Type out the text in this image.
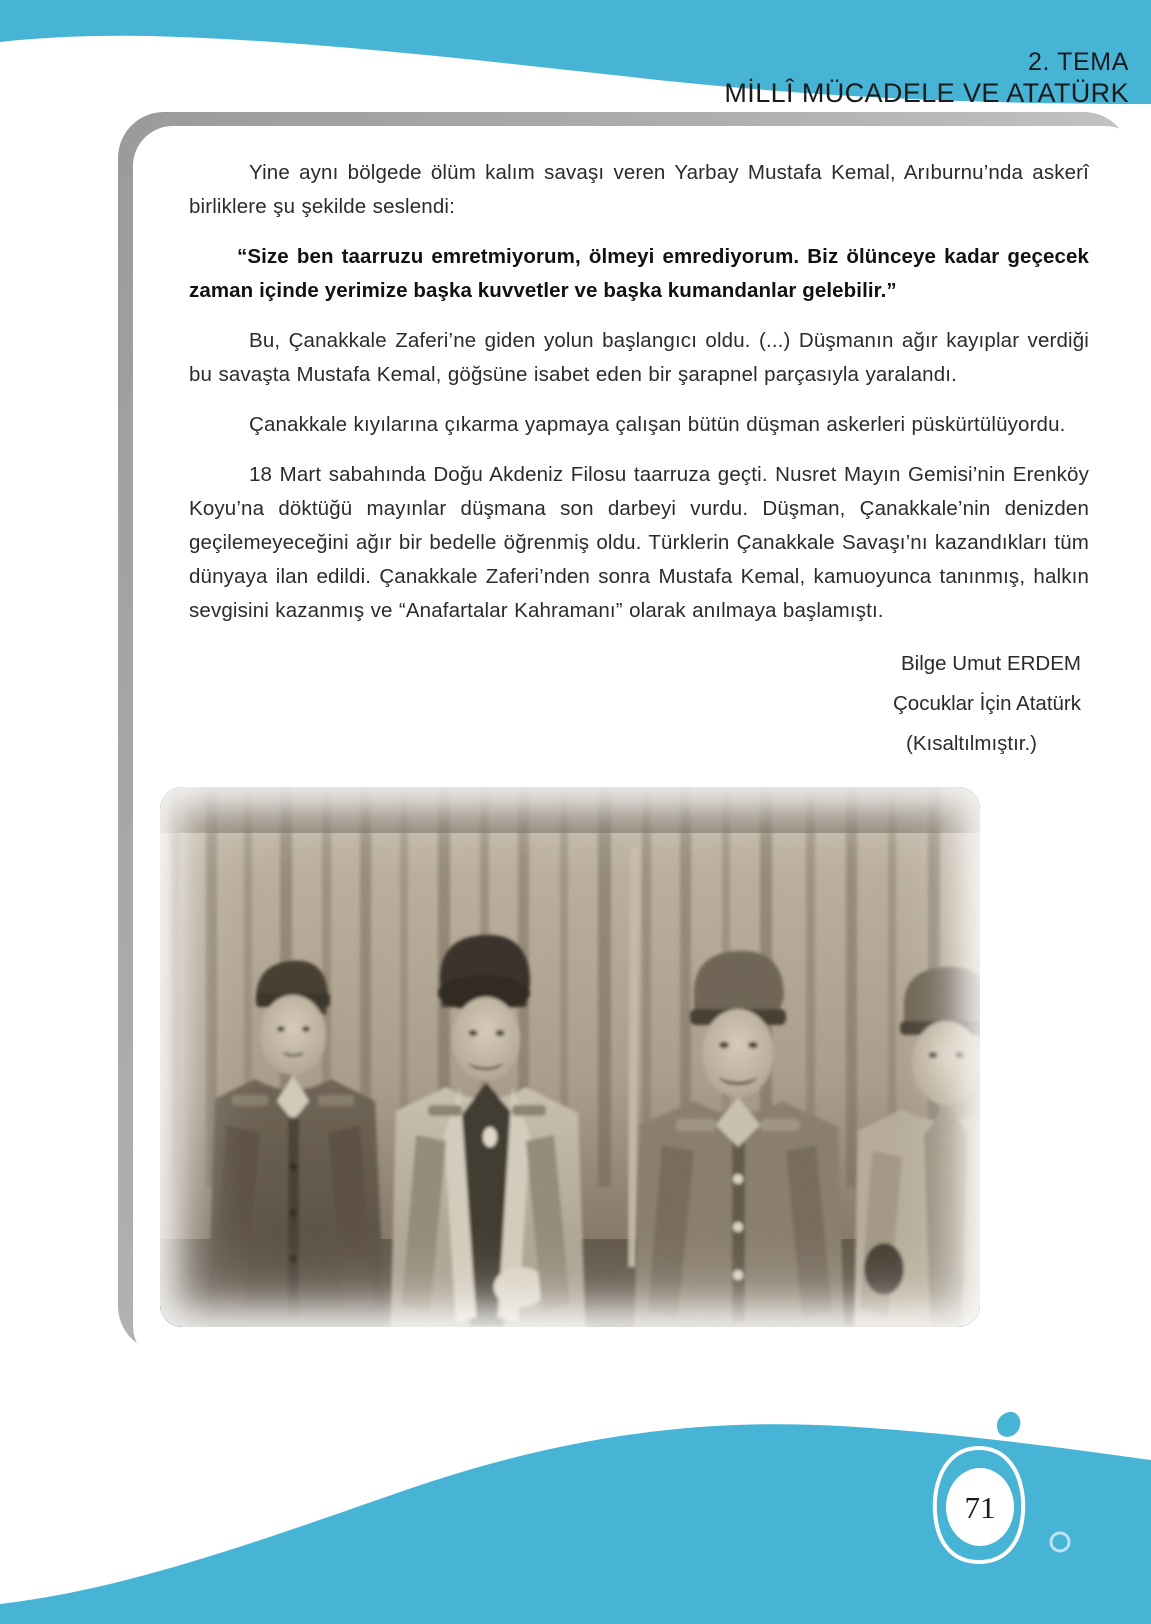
2. TEMA
MİLLÎ MÜCADELE VE ATATÜRK

Yine aynı bölgede ölüm kalım savaşı veren Yarbay Mustafa Kemal, Arıburnu’nda askerî birliklere şu şekilde seslendi:

“Size ben taarruzu emretmiyorum, ölmeyi emrediyorum. Biz ölünceye kadar geçecek zaman içinde yerimize başka kuvvetler ve başka kumandanlar gelebilir.”

Bu, Çanakkale Zaferi’ne giden yolun başlangıcı oldu. (...) Düşmanın ağır kayıplar verdiği bu savaşta Mustafa Kemal, göğsüne isabet eden bir şarapnel parçasıyla yaralandı.

Çanakkale kıyılarına çıkarma yapmaya çalışan bütün düşman askerleri püskürtülüyordu.

18 Mart sabahında Doğu Akdeniz Filosu taarruza geçti. Nusret Mayın Gemisi’nin Erenköy Koyu’na döktüğü mayınlar düşmana son darbeyi vurdu. Düşman, Çanakkale’nin denizden geçilemeyeceğini ağır bir bedelle öğrenmiş oldu. Türklerin Çanakkale Savaşı’nı kazandıkları tüm dünyaya ilan edildi. Çanakkale Zaferi’nden sonra Mustafa Kemal, kamuoyunca tanınmış, halkın sevgisini kazanmış ve “Anafartalar Kahramanı” olarak anılmaya başlamıştı.

Bilge Umut ERDEM
Çocuklar İçin Atatürk
(Kısaltılmıştır.)
71
